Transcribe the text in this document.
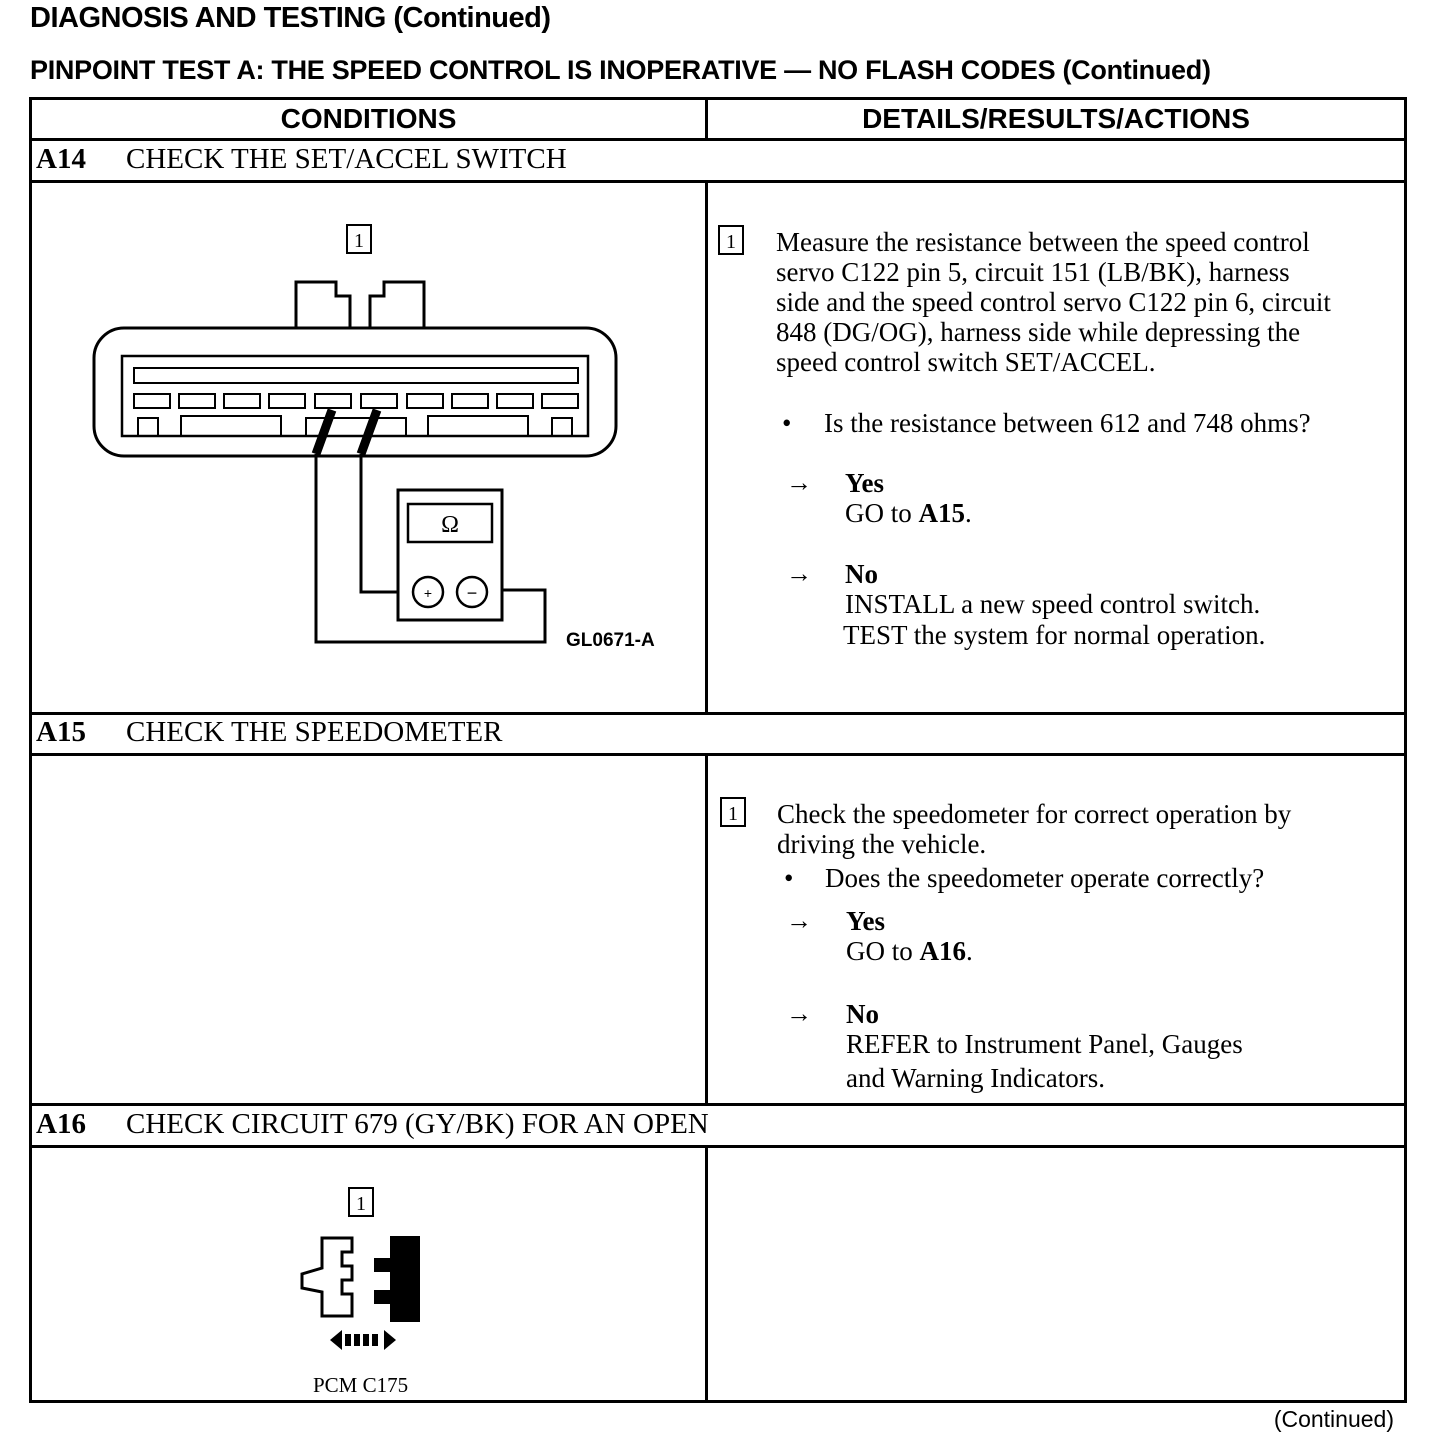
DIAGNOSIS AND TESTING (Continued)
PINPOINT TEST A: THE SPEED CONTROL IS INOPERATIVE — NO FLASH CODES (Continued)
CONDITIONS	DETAILS/RESULTS/ACTIONS
A14 CHECK THE SET/ACCEL SWITCH
1
Ω
+ −
GL0671-A
1 Measure the resistance between the speed control
servo C122 pin 5, circuit 151 (LB/BK), harness
side and the speed control servo C122 pin 6, circuit
848 (DG/OG), harness side while depressing the
speed control switch SET/ACCEL.
• Is the resistance between 612 and 748 ohms?
→ Yes
GO to A15.
→ No
INSTALL a new speed control switch.
TEST the system for normal operation.
A15 CHECK THE SPEEDOMETER
1 Check the speedometer for correct operation by
driving the vehicle.
• Does the speedometer operate correctly?
→ Yes
GO to A16.
→ No
REFER to Instrument Panel, Gauges
and Warning Indicators.
A16 CHECK CIRCUIT 679 (GY/BK) FOR AN OPEN
1
PCM C175
(Continued)
